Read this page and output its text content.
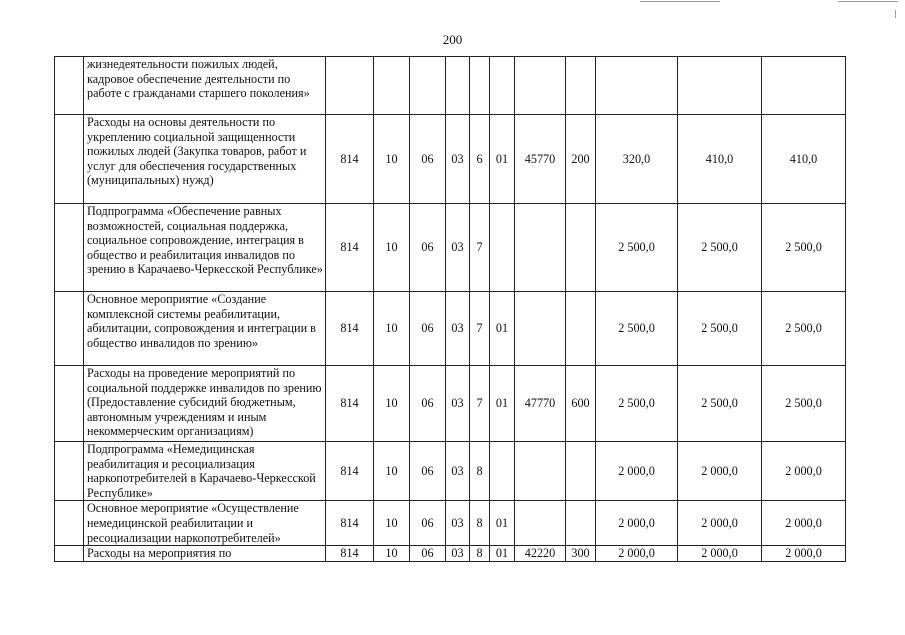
200
	жизнедеятельности пожилых людей, кадровое обеспечение деятельности по работе с гражданами старшего поколения»											
	Расходы на основы деятельности по укреплению социальной защищенности пожилых людей (Закупка товаров, работ и услуг для обеспечения государственных (муниципальных) нужд)	814	10	06	03	6	01	45770	200	320,0	410,0	410,0
	Подпрограмма «Обеспечение равных возможностей, социальная поддержка, социальное сопровождение, интеграция в общество и реабилитация инвалидов по зрению в Карачаево-Черкесской Республике»	814	10	06	03	7				2 500,0	2 500,0	2 500,0
	Основное мероприятие «Создание комплексной системы реабилитации, абилитации, сопровождения и интеграции в общество инвалидов по зрению»	814	10	06	03	7	01			2 500,0	2 500,0	2 500,0
	Расходы на проведение мероприятий по социальной поддержке инвалидов по зрению (Предоставление субсидий бюджетным, автономным учреждениям и иным некоммерческим организациям)	814	10	06	03	7	01	47770	600	2 500,0	2 500,0	2 500,0
	Подпрограмма «Немедицинская реабилитация и ресоциализация наркопотребителей в Карачаево-Черкесской Республике»	814	10	06	03	8				2 000,0	2 000,0	2 000,0
	Основное мероприятие «Осуществление немедицинской реабилитации и ресоциализации наркопотребителей»	814	10	06	03	8	01			2 000,0	2 000,0	2 000,0
	Расходы на мероприятия по	814	10	06	03	8	01	42220	300	2 000,0	2 000,0	2 000,0
